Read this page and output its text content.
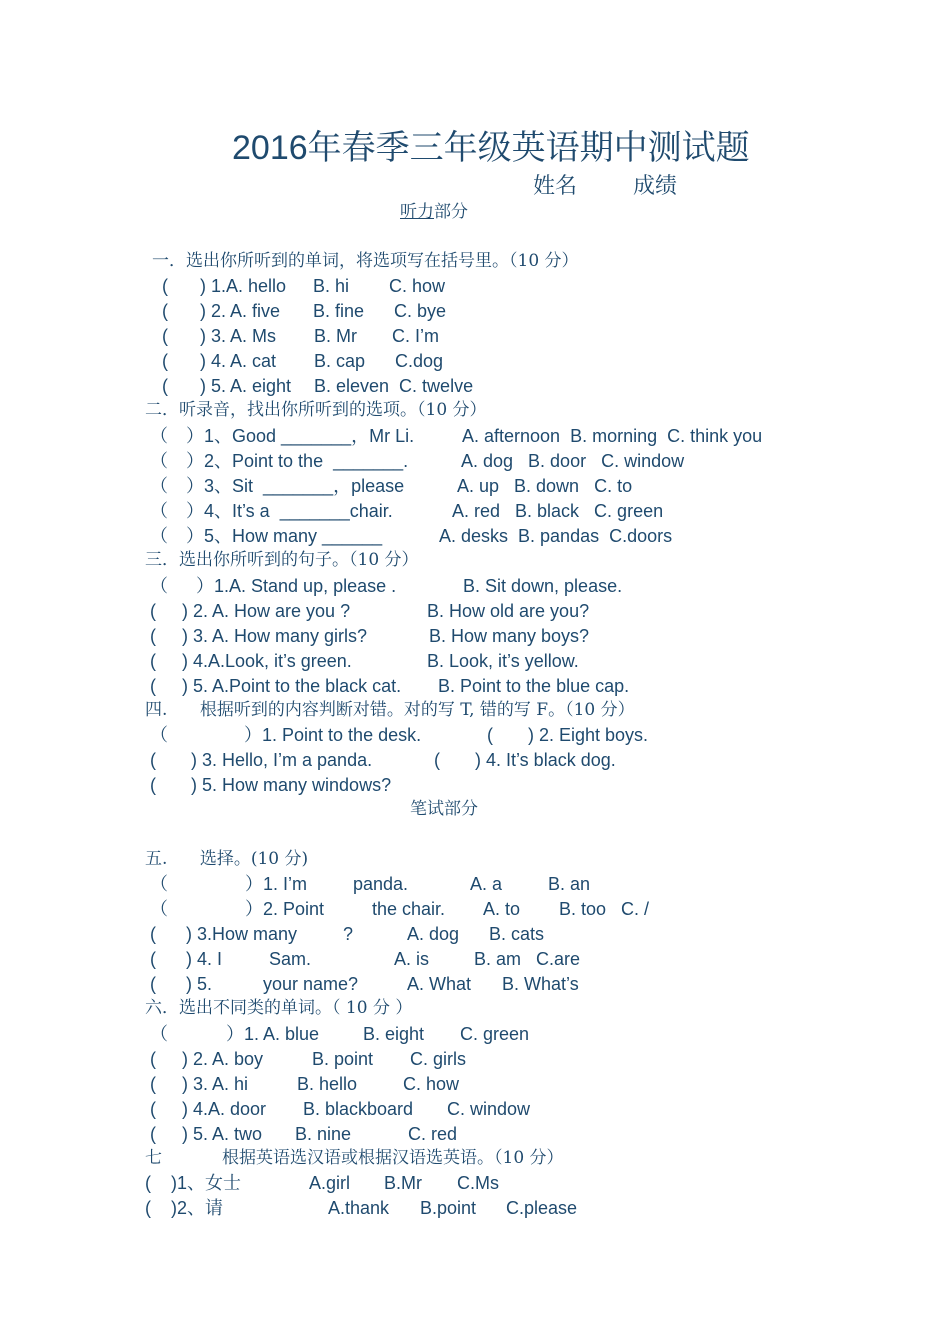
2016年春季三年级英语期中测试题
姓名	成绩
听力部分
一．选出你所听到的单词，将选项写在括号里。（10 分）
( ) 1.A. hello B. hi C. how
( ) 2. A. five B. fine C. bye
( ) 3. A. Ms B. Mr C. I’m
( ) 4. A. cat B. cap C.dog
( ) 5. A. eight B. eleven  C. twelve
二．听录音，找出你所听到的选项。（10 分）
（ ）1、Good _______，Mr Li.	A. afternoon  B. morning  C. think you
（ ）2、Point to the  _______.	A. dog   B. door   C. window
（ ）3、Sit  _______，please	A. up   B. down   C. to
（ ）4、It’s a  _______chair.	A. red   B. black   C. green
（ ）5、How many ______	A. desks  B. pandas  C.doors
三．选出你所听到的句子。（10 分）
（ ）1.A. Stand up, please .	B. Sit down, please.
( ) 2. A. How are you ?	B. How old are you?
( ) 3. A. How many girls?	B. How many boys?
( ) 4.A.Look, it’s green.	B. Look, it’s yellow.
( ) 5. A.Point to the black cat. B. Point to the blue cap.
四.      根据听到的内容判断对错。对的写 T, 错的写 F。（10 分）
（	）1. Point to the desk.	(       ) 2. Eight boys.
(       ) 3. Hello, I’m a panda.	(       ) 4. It’s black dog.
(       ) 5. How many windows?
笔试部分
五.      选择。(10 分)
（	）1. I’m	panda.	A. a	B. an
（	）2. Point	the chair. A. to B. too   C. /
( ) 3.How many	?	A. dog B. cats
( ) 4. I	Sam.	A. is B. am   C.are
( ) 5.	your name?	A. What B. What’s
六．选出不同类的单词。（ 10 分 ）
（	）1. A. blue B. eight C. green
( ) 2. A. boy	B. point C. girls
( ) 3. A. hi	B. hello	C. how
( ) 4.A. door B. blackboard C. window
( ) 5. A. two B. nine	C. red
七	根据英语选汉语或根据汉语选英语。（10 分）
(    )1、女士	A.girl B.Mr C.Ms
(    )2、请	A.thank B.point C.please
